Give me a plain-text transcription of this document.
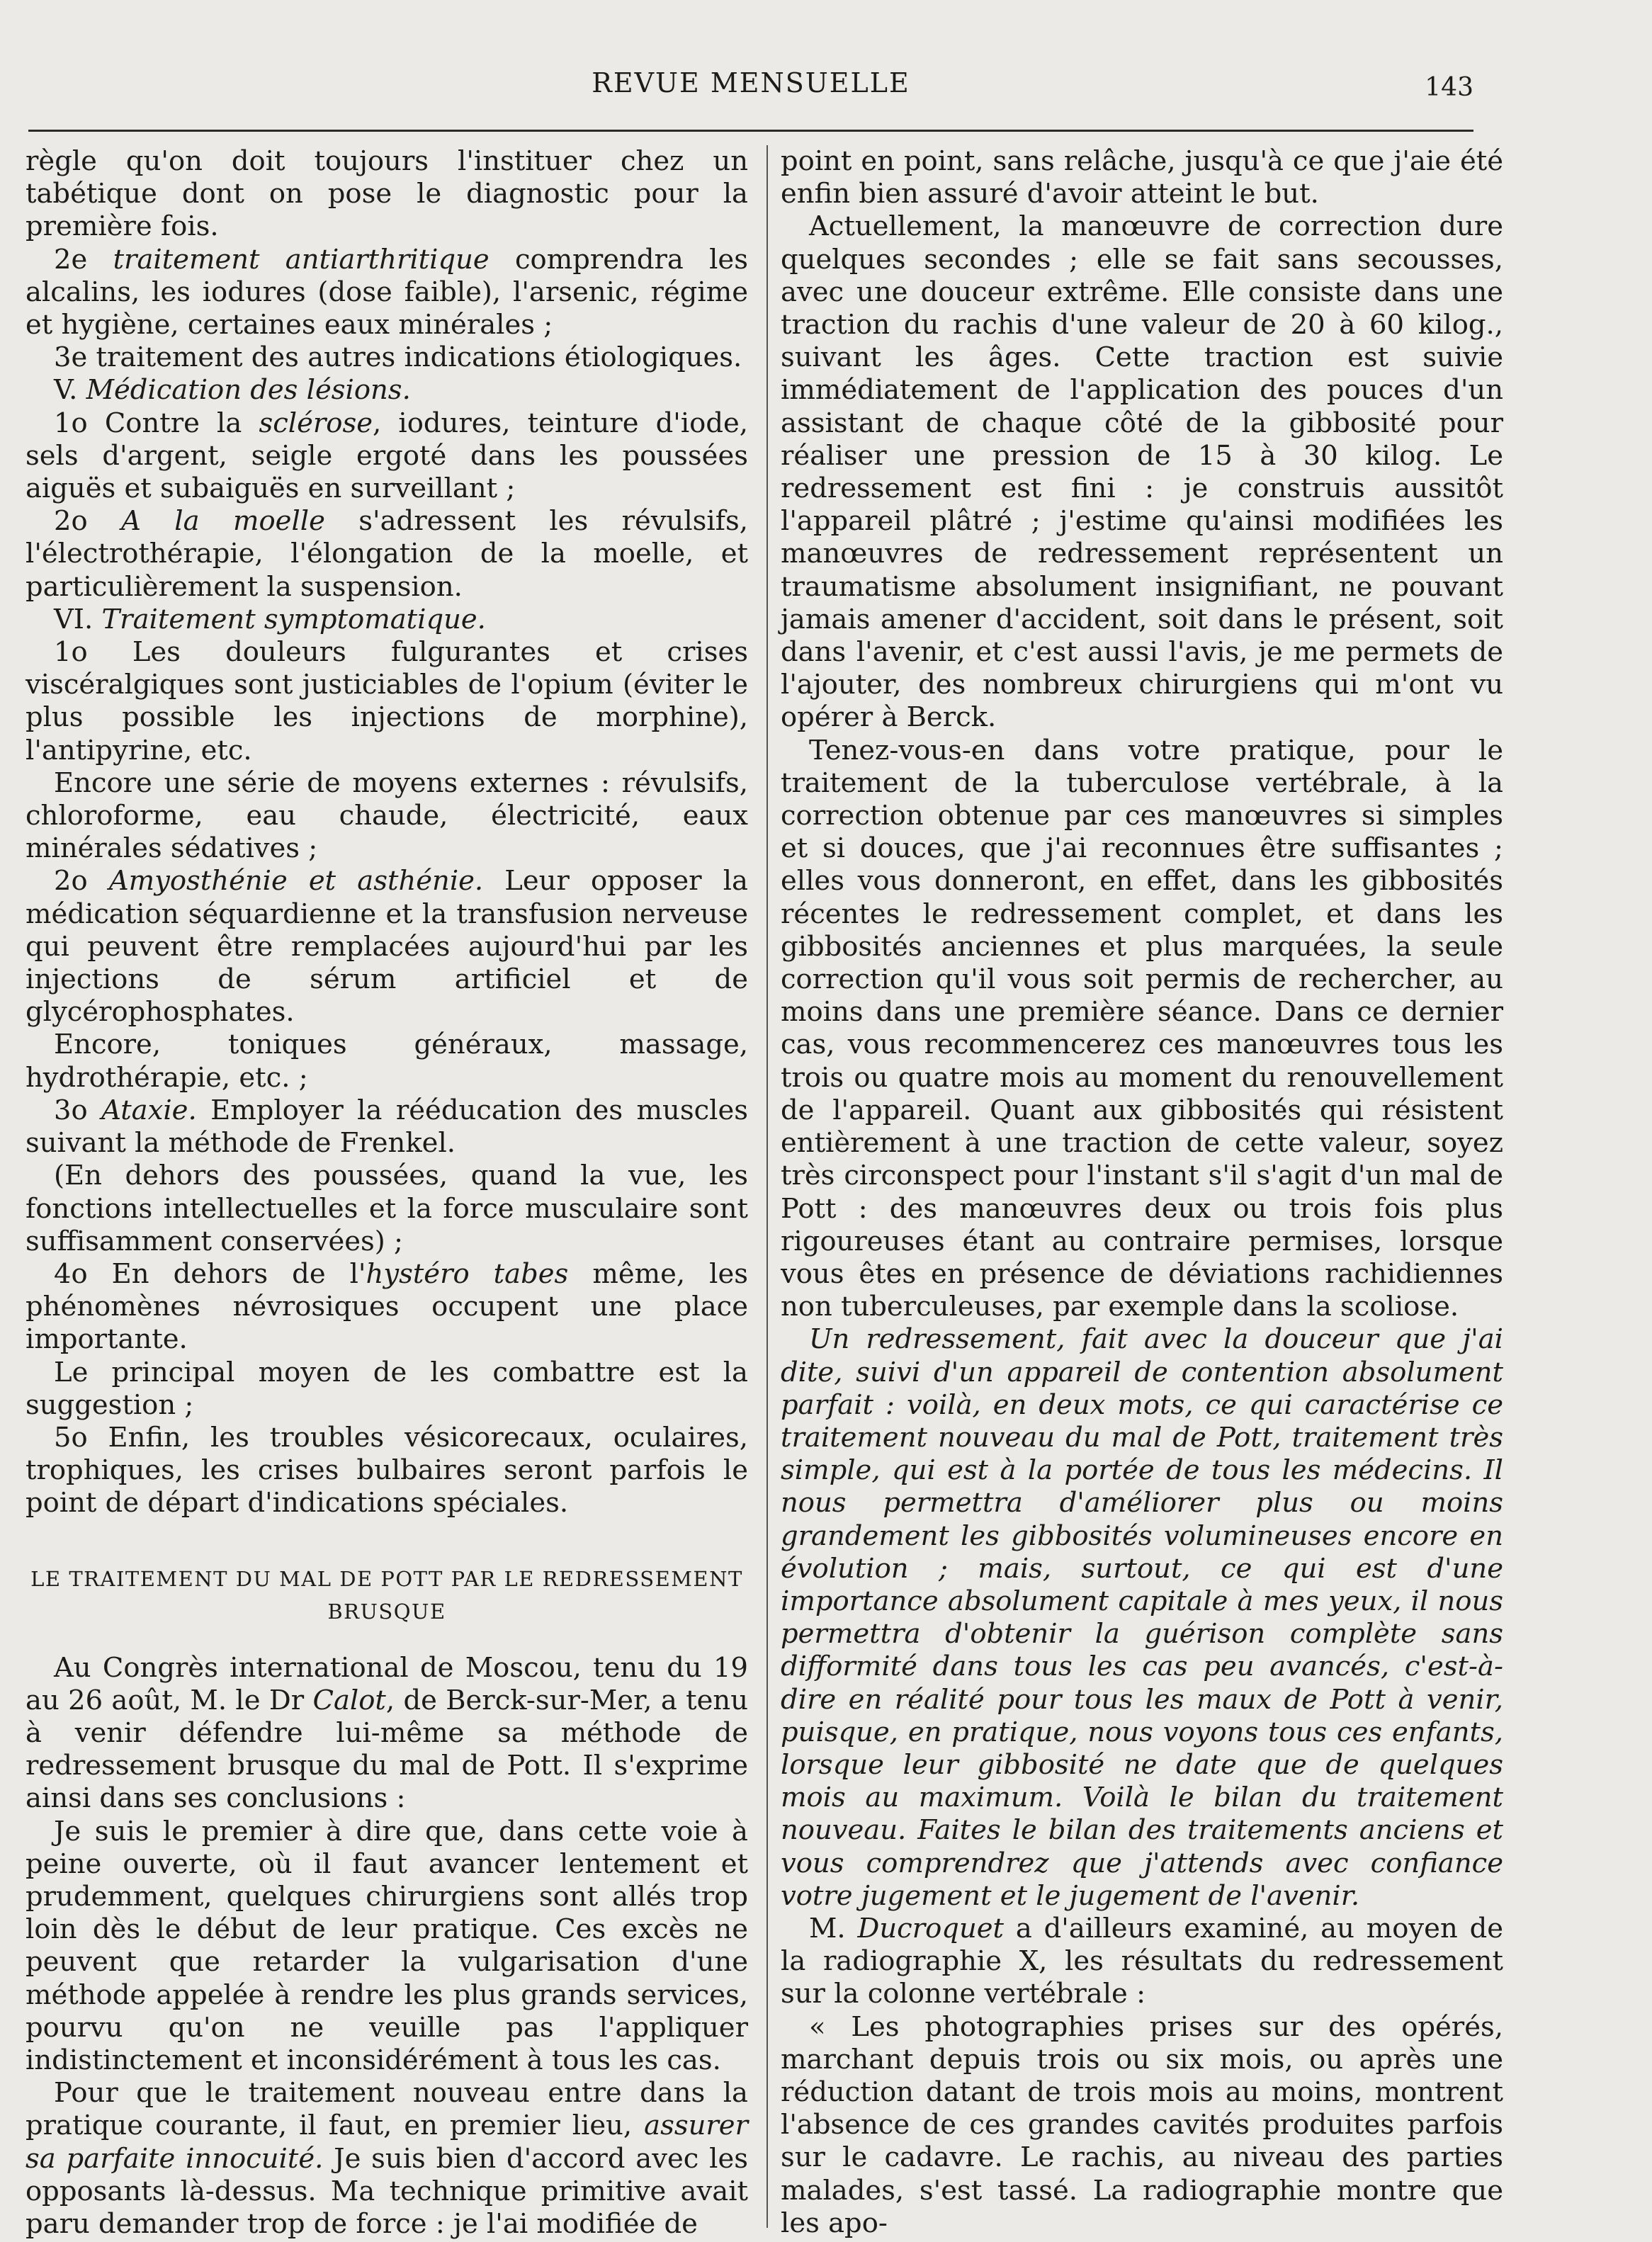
REVUE MENSUELLE	143

règle qu'on doit toujours l'instituer chez un tabétique dont on pose le diagnostic pour la première fois.

2e traitement antiarthritique comprendra les alcalins, les iodures (dose faible), l'arsenic, régime et hygiène, certaines eaux minérales ;

3e traitement des autres indications étiologiques.

V. Médication des lésions.

1o Contre la sclérose, iodures, teinture d'iode, sels d'argent, seigle ergoté dans les poussées aiguës et subaiguës en surveillant ;

2o A la moelle s'adressent les révulsifs, l'électrothérapie, l'élongation de la moelle, et particulièrement la suspension.

VI. Traitement symptomatique.

1o Les douleurs fulgurantes et crises viscéralgiques sont justiciables de l'opium (éviter le plus possible les injections de morphine), l'antipyrine, etc.

Encore une série de moyens externes : révulsifs, chloroforme, eau chaude, électricité, eaux minérales sédatives ;

2o Amyosthénie et asthénie. Leur opposer la médication séquardienne et la transfusion nerveuse qui peuvent être remplacées aujourd'hui par les injections de sérum artificiel et de glycérophosphates.

Encore, toniques généraux, massage, hydrothérapie, etc. ;

3o Ataxie. Employer la rééducation des muscles suivant la méthode de Frenkel.

(En dehors des poussées, quand la vue, les fonctions intellectuelles et la force musculaire sont suffisamment conservées) ;

4o En dehors de l'hystéro tabes même, les phénomènes névrosiques occupent une place importante.

Le principal moyen de les combattre est la suggestion ;

5o Enfin, les troubles vésicorecaux, oculaires, trophiques, les crises bulbaires seront parfois le point de départ d'indications spéciales.

LE TRAITEMENT DU MAL DE POTT PAR LE REDRESSEMENT BRUSQUE

Au Congrès international de Moscou, tenu du 19 au 26 août, M. le Dr Calot, de Berck-sur-Mer, a tenu à venir défendre lui-même sa méthode de redressement brusque du mal de Pott. Il s'exprime ainsi dans ses conclusions :

Je suis le premier à dire que, dans cette voie à peine ouverte, où il faut avancer lentement et prudemment, quelques chirurgiens sont allés trop loin dès le début de leur pratique. Ces excès ne peuvent que retarder la vulgarisation d'une méthode appelée à rendre les plus grands services, pourvu qu'on ne veuille pas l'appliquer indistinctement et inconsidérément à tous les cas.

Pour que le traitement nouveau entre dans la pratique courante, il faut, en premier lieu, assurer sa parfaite innocuité. Je suis bien d'accord avec les opposants là-dessus. Ma technique primitive avait paru demander trop de force : je l'ai modifiée de

point en point, sans relâche, jusqu'à ce que j'aie été enfin bien assuré d'avoir atteint le but.

Actuellement, la manœuvre de correction dure quelques secondes ; elle se fait sans secousses, avec une douceur extrême. Elle consiste dans une traction du rachis d'une valeur de 20 à 60 kilog., suivant les âges. Cette traction est suivie immédiatement de l'application des pouces d'un assistant de chaque côté de la gibbosité pour réaliser une pression de 15 à 30 kilog. Le redressement est fini : je construis aussitôt l'appareil plâtré ; j'estime qu'ainsi modifiées les manœuvres de redressement représentent un traumatisme absolument insignifiant, ne pouvant jamais amener d'accident, soit dans le présent, soit dans l'avenir, et c'est aussi l'avis, je me permets de l'ajouter, des nombreux chirurgiens qui m'ont vu opérer à Berck.

Tenez-vous-en dans votre pratique, pour le traitement de la tuberculose vertébrale, à la correction obtenue par ces manœuvres si simples et si douces, que j'ai reconnues être suffisantes ; elles vous donneront, en effet, dans les gibbosités récentes le redressement complet, et dans les gibbosités anciennes et plus marquées, la seule correction qu'il vous soit permis de rechercher, au moins dans une première séance. Dans ce dernier cas, vous recommencerez ces manœuvres tous les trois ou quatre mois au moment du renouvellement de l'appareil. Quant aux gibbosités qui résistent entièrement à une traction de cette valeur, soyez très circonspect pour l'instant s'il s'agit d'un mal de Pott : des manœuvres deux ou trois fois plus rigoureuses étant au contraire permises, lorsque vous êtes en présence de déviations rachidiennes non tuberculeuses, par exemple dans la scoliose.

Un redressement, fait avec la douceur que j'ai dite, suivi d'un appareil de contention absolument parfait : voilà, en deux mots, ce qui caractérise ce traitement nouveau du mal de Pott, traitement très simple, qui est à la portée de tous les médecins. Il nous permettra d'améliorer plus ou moins grandement les gibbosités volumineuses encore en évolution ; mais, surtout, ce qui est d'une importance absolument capitale à mes yeux, il nous permettra d'obtenir la guérison complète sans difformité dans tous les cas peu avancés, c'est-à-dire en réalité pour tous les maux de Pott à venir, puisque, en pratique, nous voyons tous ces enfants, lorsque leur gibbosité ne date que de quelques mois au maximum. Voilà le bilan du traitement nouveau. Faites le bilan des traitements anciens et vous comprendrez que j'attends avec confiance votre jugement et le jugement de l'avenir.

M. Ducroquet a d'ailleurs examiné, au moyen de la radiographie X, les résultats du redressement sur la colonne vertébrale :

« Les photographies prises sur des opérés, marchant depuis trois ou six mois, ou après une réduction datant de trois mois au moins, montrent l'absence de ces grandes cavités produites parfois sur le cadavre. Le rachis, au niveau des parties malades, s'est tassé. La radiographie montre que les apo-
